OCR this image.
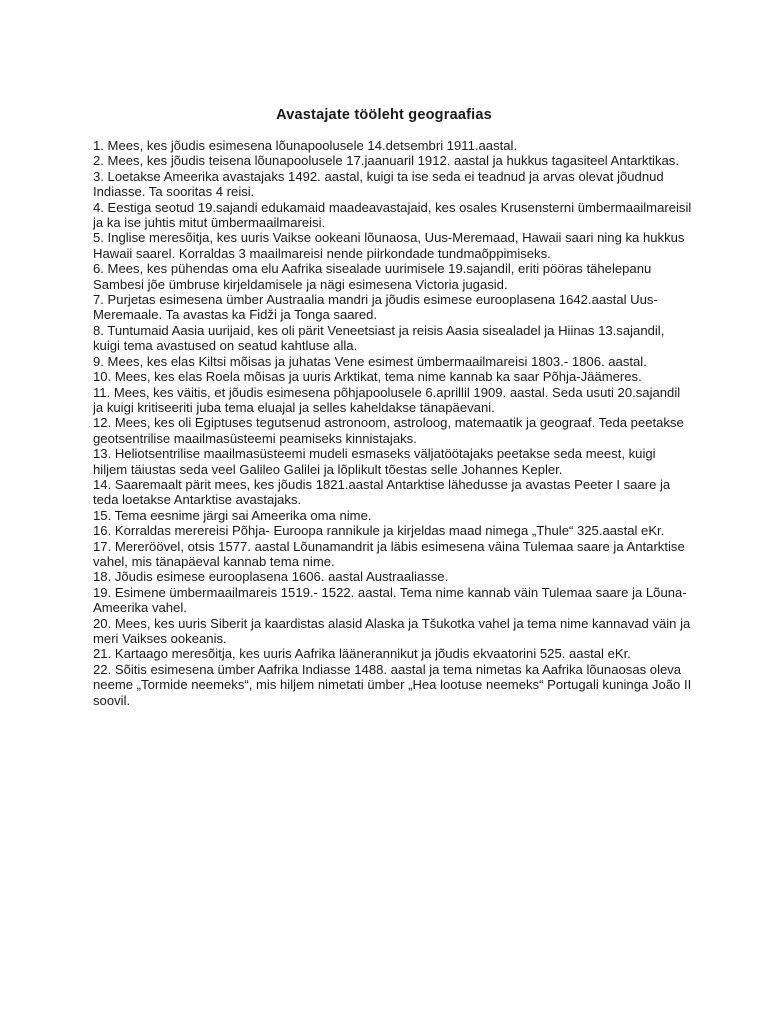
Avastajate tööleht geograafias

1. Mees, kes jõudis esimesena lõunapoolusele 14.detsembri 1911.aastal.

2. Mees, kes jõudis teisena lõunapoolusele 17.jaanuaril 1912. aastal ja hukkus tagasiteel Antarktikas.

3. Loetakse Ameerika avastajaks 1492. aastal, kuigi ta ise seda ei teadnud ja arvas olevat jõudnud Indiasse. Ta sooritas 4 reisi.

4. Eestiga seotud 19.sajandi edukamaid maadeavastajaid, kes osales Krusensterni ümbermaailmareisil ja ka ise juhtis mitut ümbermaailmareisi.

5. Inglise meresõitja, kes uuris Vaikse ookeani lõunaosa, Uus-Meremaad, Hawaii saari ning ka hukkus Hawaii saarel. Korraldas 3 maailmareisi nende piirkondade tundmaõppimiseks.

6. Mees, kes pühendas oma elu Aafrika sisealade uurimisele 19.sajandil, eriti pööras tähelepanu Sambesi jõe ümbruse kirjeldamisele ja nägi esimesena Victoria jugasid.

7. Purjetas esimesena ümber Austraalia mandri ja jõudis esimese eurooplasena 1642.aastal Uus- Meremaale. Ta avastas ka Fidži ja Tonga saared.

8. Tuntumaid Aasia uurijaid, kes oli pärit Veneetsiast ja reisis Aasia sisealadel ja Hiinas 13.sajandil, kuigi tema avastused on seatud kahtluse alla.

9. Mees, kes elas Kiltsi mõisas ja juhatas Vene esimest ümbermaailmareisi 1803.- 1806. aastal.

10. Mees, kes elas Roela mõisas ja uuris Arktikat, tema nime kannab ka saar Põhja-Jäämeres.

11. Mees, kes väitis, et jõudis esimesena põhjapoolusele 6.aprillil 1909. aastal. Seda usuti 20.sajandil ja kuigi kritiseeriti juba tema eluajal ja selles kaheldakse tänapäevani.

12. Mees, kes oli Egiptuses tegutsenud astronoom, astroloog, matemaatik ja geograaf. Teda peetakse geotsentrilise maailmasüsteemi peamiseks kinnistajaks.

13. Heliotsentrilise maailmasüsteemi mudeli esmaseks väljatöötajaks peetakse seda meest, kuigi hiljem täiustas seda veel Galileo Galilei ja lõplikult tõestas selle Johannes Kepler.

14. Saaremaalt pärit mees, kes jõudis 1821.aastal Antarktise lähedusse ja avastas Peeter I saare ja teda loetakse Antarktise avastajaks.

15. Tema eesnime järgi sai Ameerika oma nime.

16. Korraldas merereisi Põhja- Euroopa rannikule ja kirjeldas maad nimega „Thule“ 325.aastal eKr.

17. Mereröövel, otsis 1577. aastal Lõunamandrit ja läbis esimesena väina Tulemaa saare ja Antarktise vahel, mis tänapäeval kannab tema nime.

18. Jõudis esimese eurooplasena 1606. aastal Austraaliasse.

19. Esimene ümbermaailmareis 1519.- 1522. aastal. Tema nime kannab väin Tulemaa saare ja Lõuna- Ameerika vahel.

20. Mees, kes uuris Siberit ja kaardistas alasid Alaska ja Tšukotka vahel ja tema nime kannavad väin ja meri Vaikses ookeanis.

21. Kartaago meresõitja, kes uuris Aafrika läänerannikut ja jõudis ekvaatorini 525. aastal eKr.

22. Sõitis esimesena ümber Aafrika Indiasse 1488. aastal ja tema nimetas ka Aafrika lõunaosas oleva neeme „Tormide neemeks“, mis hiljem nimetati ümber „Hea lootuse neemeks“ Portugali kuninga João II soovil.
